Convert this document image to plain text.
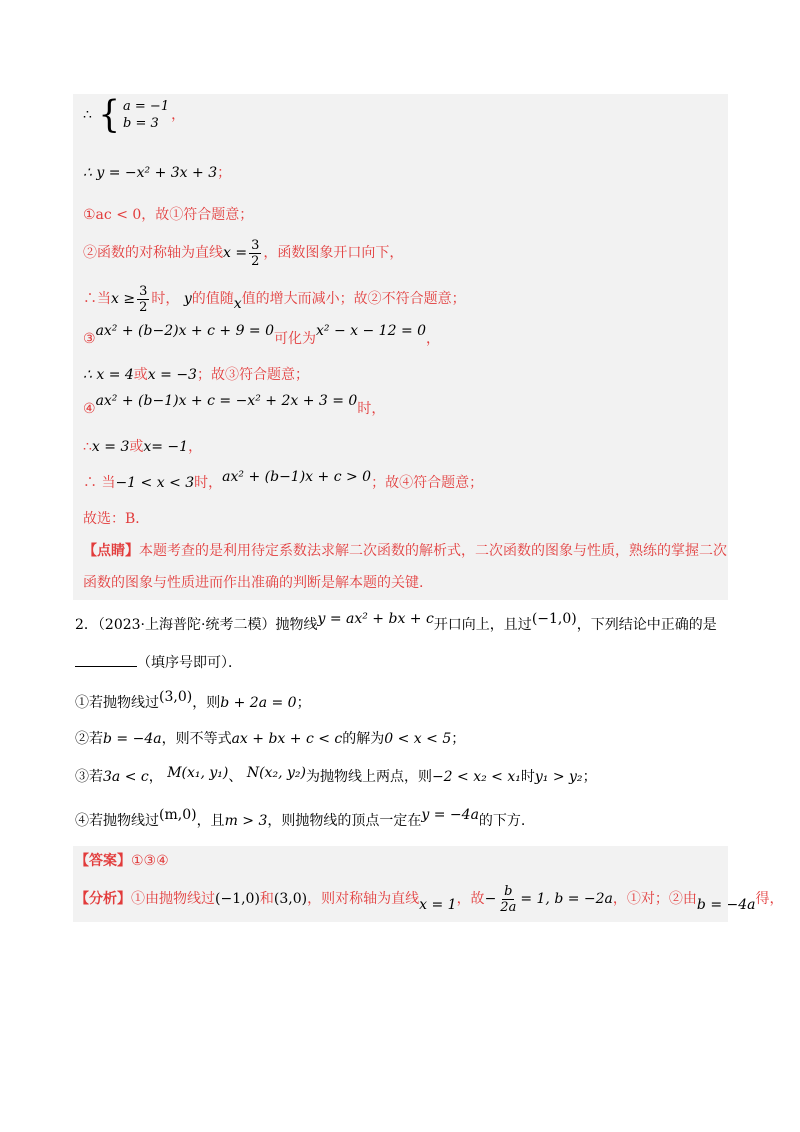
∴ { a = −1
b = 3
，
∴ y = −x² + 3x + 3；
①ac < 0，故①符合题意；
②函数的对称轴为直线$x = \frac{3}{2}$ ，函数图象开口向下，
∴当$x \ge \frac{3}{2}$ 时， y的值随x值的增大而减小；故②不符合题意；
③ax² + (b−2)x + c + 9 = 0可化为x² − x − 12 = 0，
∴ x = 4或x = −3；故③符合题意；
④ax² + (b−1)x + c = −x² + 2x + 3 = 0时，
∴x = 3或x= −1，
∴ 当−1 < x < 3时，ax² + (b−1)x + c > 0；故④符合题意；
故选：B．
【点睛】本题考查的是利用待定系数法求解二次函数的解析式，二次函数的图象与性质，熟练的掌握二次
函数的图象与性质进而作出准确的判断是解本题的关键.
2．（2023·上海普陀·统考二模）抛物线y = ax² + bx + c开口向上，且过(−1,0)，下列结论中正确的是
（填序号即可）．
①若抛物线过(3,0)，则b + 2a = 0；
②若b = −4a，则不等式ax + bx + c < c的解为0 < x < 5；
③若3a < c， M(x₁, y₁)、 N(x₂, y₂)为抛物线上两点，则−2 < x₂ < x₁时y₁ > y₂；
④若抛物线过(m,0)，且m > 3，则抛物线的顶点一定在y = −4a的下方.
【答案】①③④
【分析】①由抛物线过(−1,0)和(3,0)，则对称轴为直线x = 1，故− $\frac{b}{2a} = 1$, b = −2a，①对；②由b = −4a得，
